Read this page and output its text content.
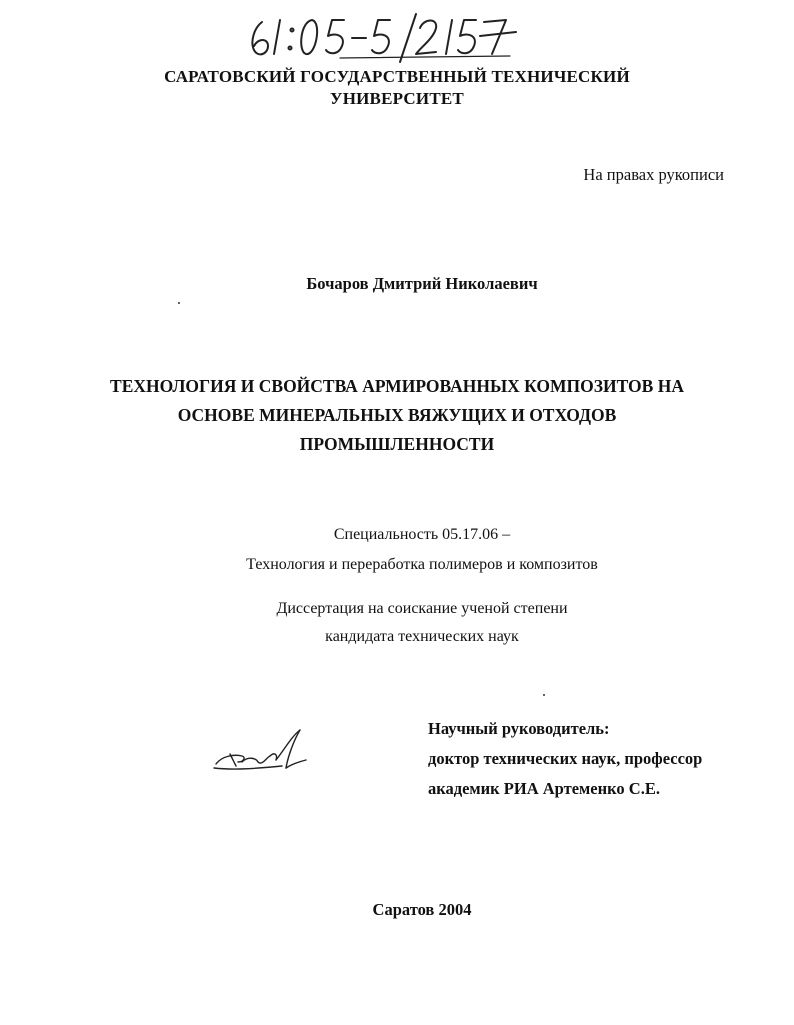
САРАТОВСКИЙ ГОСУДАРСТВЕННЫЙ ТЕХНИЧЕСКИЙ
УНИВЕРСИТЕТ
На правах рукописи
Бочаров Дмитрий Николаевич
ТЕХНОЛОГИЯ И СВОЙСТВА АРМИРОВАННЫХ КОМПОЗИТОВ НА
ОСНОВЕ МИНЕРАЛЬНЫХ ВЯЖУЩИХ И ОТХОДОВ
ПРОМЫШЛЕННОСТИ
Специальность 05.17.06 –
Технология и переработка полимеров и композитов
Диссертация на соискание ученой степени
кандидата технических наук
Научный руководитель:
доктор технических наук, профессор
академик РИА Артеменко С.Е.
Саратов 2004
